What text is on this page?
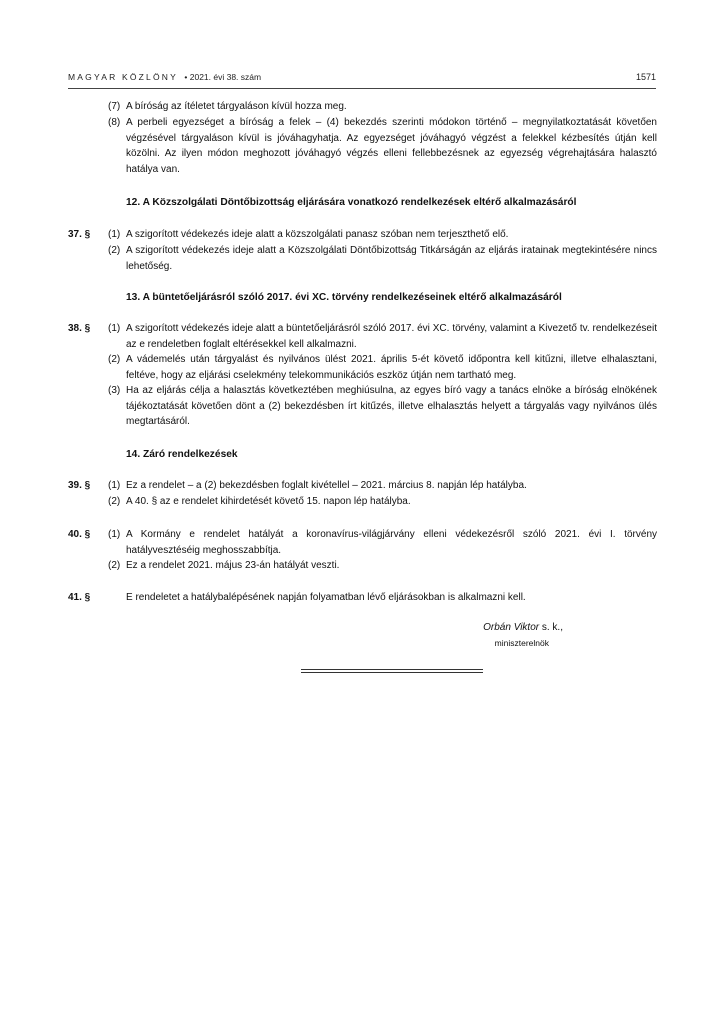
MAGYAR KÖZLÖNY • 2021. évi 38. szám	1571
(7) A bíróság az ítéletet tárgyaláson kívül hozza meg.
(8) A perbeli egyezséget a bíróság a felek – (4) bekezdés szerinti módokon történő – megnyilatkoztatását követően végzésével tárgyaláson kívül is jóváhagyhatja. Az egyezséget jóváhagyó végzést a felekkel kézbesítés útján kell közölni. Az ilyen módon meghozott jóváhagyó végzés elleni fellebbezésnek az egyezség végrehajtására halasztó hatálya van.
12. A Közszolgálati Döntőbizottság eljárására vonatkozó rendelkezések eltérő alkalmazásáról
37. §	(1) A szigorított védekezés ideje alatt a közszolgálati panasz szóban nem terjeszthető elő.
(2) A szigorított védekezés ideje alatt a Közszolgálati Döntőbizottság Titkárságán az eljárás iratainak megtekintésére nincs lehetőség.
13. A büntetőeljárásról szóló 2017. évi XC. törvény rendelkezéseinek eltérő alkalmazásáról
38. §	(1) A szigorított védekezés ideje alatt a büntetőeljárásról szóló 2017. évi XC. törvény, valamint a Kivezető tv. rendelkezéseit az e rendeletben foglalt eltérésekkel kell alkalmazni.
(2) A vádemelés után tárgyalást és nyilvános ülést 2021. április 5-ét követő időpontra kell kitűzni, illetve elhalasztani, feltéve, hogy az eljárási cselekmény telekommunikációs eszköz útján nem tartható meg.
(3) Ha az eljárás célja a halasztás következtében meghiúsulna, az egyes bíró vagy a tanács elnöke a bíróság elnökének tájékoztatását követően dönt a (2) bekezdésben írt kitűzés, illetve elhalasztás helyett a tárgyalás vagy nyilvános ülés megtartásáról.
14. Záró rendelkezések
39. §	(1) Ez a rendelet – a (2) bekezdésben foglalt kivétellel – 2021. március 8. napján lép hatályba.
(2) A 40. § az e rendelet kihirdetését követő 15. napon lép hatályba.
40. §	(1) A Kormány e rendelet hatályát a koronavírus-világjárvány elleni védekezésről szóló 2021. évi I. törvény hatályvesztéséig meghosszabbítja.
(2) Ez a rendelet 2021. május 23-án hatályát veszti.
41. §	E rendeletet a hatálybalépésének napján folyamatban lévő eljárásokban is alkalmazni kell.
Orbán Viktor s. k.,
miniszterelnök
